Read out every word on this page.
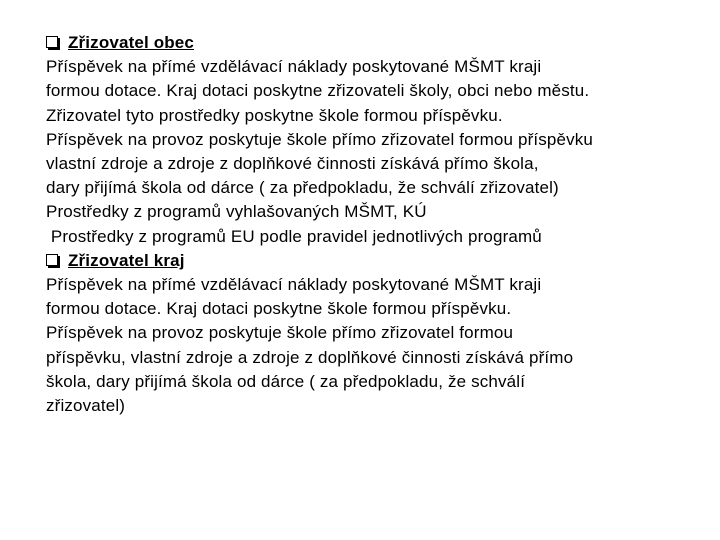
Zřizovatel obec
Příspěvek na přímé vzdělávací náklady poskytované MŠMT kraji
formou dotace. Kraj dotaci poskytne zřizovateli školy, obci nebo městu.
Zřizovatel tyto prostředky poskytne škole formou příspěvku.
Příspěvek na provoz poskytuje škole přímo zřizovatel formou příspěvku
vlastní zdroje a zdroje z doplňkové činnosti získává přímo škola,
dary přijímá škola od dárce ( za předpokladu, že schválí zřizovatel)
Prostředky z programů vyhlašovaných MŠMT, KÚ
Prostředky z programů EU podle pravidel jednotlivých programů
Zřizovatel kraj
Příspěvek na přímé vzdělávací náklady poskytované MŠMT kraji
formou dotace. Kraj dotaci poskytne škole formou příspěvku.
Příspěvek na provoz poskytuje škole přímo zřizovatel formou
příspěvku, vlastní zdroje a zdroje z doplňkové činnosti získává přímo
škola, dary přijímá škola od dárce ( za předpokladu, že schválí
zřizovatel)
